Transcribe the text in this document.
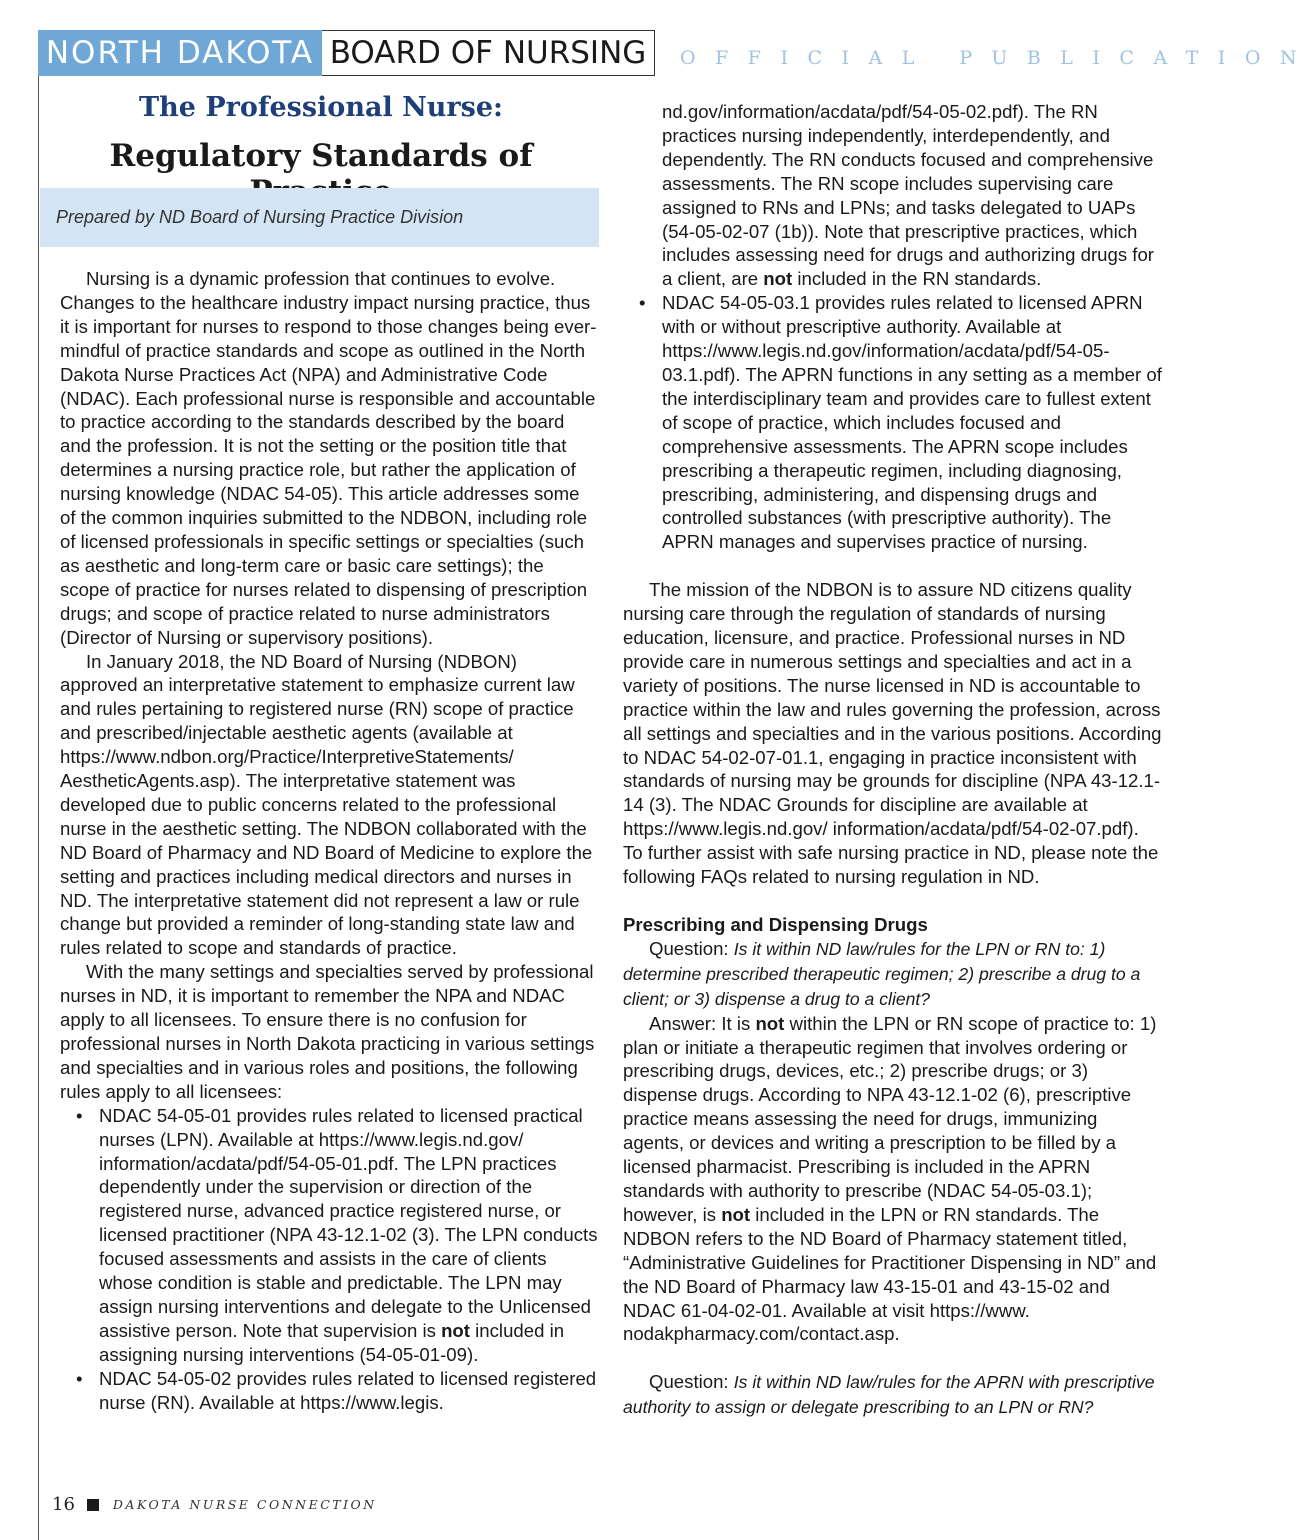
NORTH DAKOTA BOARD OF NURSING	OFFICIAL PUBLICATION
The Professional Nurse:
Regulatory Standards of
Prepared by ND Board of Nursing Practice Division

Nursing is a dynamic profession that continues to evolve. Changes to the healthcare industry impact nursing practice, thus it is important for nurses to respond to those changes being ever-mindful of practice standards and scope as outlined in the North Dakota Nurse Practices Act (NPA) and Administrative Code (NDAC). Each professional nurse is responsible and accountable to practice according to the standards described by the board and the profession. It is not the setting or the position title that determines a nursing practice role, but rather the application of nursing knowledge (NDAC 54-05). This article addresses some of the common inquiries submitted to the NDBON, including role of licensed professionals in specific settings or specialties (such as aesthetic and long-term care or basic care settings); the scope of practice for nurses related to dispensing of prescription drugs; and scope of practice related to nurse administrators (Director of Nursing or supervisory positions).

In January 2018, the ND Board of Nursing (NDBON) approved an interpretative statement to emphasize current law and rules pertaining to registered nurse (RN) scope of practice and prescribed/injectable aesthetic agents (available at https://www.ndbon.org/Practice/InterpretiveStatements/ AestheticAgents.asp). The interpretative statement was developed due to public concerns related to the professional nurse in the aesthetic setting. The NDBON collaborated with the ND Board of Pharmacy and ND Board of Medicine to explore the setting and practices including medical directors and nurses in ND. The interpretative statement did not represent a law or rule change but provided a reminder of long-standing state law and rules related to scope and standards of practice.

With the many settings and specialties served by professional nurses in ND, it is important to remember the NPA and NDAC apply to all licensees. To ensure there is no confusion for professional nurses in North Dakota practicing in various settings and specialties and in various roles and positions, the following rules apply to all licensees:

• NDAC 54-05-01 provides rules related to licensed practical nurses (LPN). Available at https://www.legis.nd.gov/ information/acdata/pdf/54-05-01.pdf. The LPN practices dependently under the supervision or direction of the registered nurse, advanced practice registered nurse, or licensed practitioner (NPA 43-12.1-02 (3). The LPN conducts focused assessments and assists in the care of clients whose condition is stable and predictable. The LPN may assign nursing interventions and delegate to the Unlicensed assistive person. Note that supervision is not included in assigning nursing interventions (54-05-01-09).
• NDAC 54-05-02 provides rules related to licensed registered nurse (RN). Available at https://www.legis.

nd.gov/information/acdata/pdf/54-05-02.pdf). The RN practices nursing independently, interdependently, and dependently. The RN conducts focused and comprehensive assessments. The RN scope includes supervising care assigned to RNs and LPNs; and tasks delegated to UAPs (54-05-02-07 (1b)). Note that prescriptive practices, which includes assessing need for drugs and authorizing drugs for a client, are not included in the RN standards.

• NDAC 54-05-03.1 provides rules related to licensed APRN with or without prescriptive authority. Available at https://www.legis.nd.gov/information/acdata/pdf/54-05-03.1.pdf). The APRN functions in any setting as a member of the interdisciplinary team and provides care to fullest extent of scope of practice, which includes focused and comprehensive assessments. The APRN scope includes prescribing a therapeutic regimen, including diagnosing, prescribing, administering, and dispensing drugs and controlled substances (with prescriptive authority). The APRN manages and supervises practice of nursing.

The mission of the NDBON is to assure ND citizens quality nursing care through the regulation of standards of nursing education, licensure, and practice. Professional nurses in ND provide care in numerous settings and specialties and act in a variety of positions. The nurse licensed in ND is accountable to practice within the law and rules governing the profession, across all settings and specialties and in the various positions. According to NDAC 54-02-07-01.1, engaging in practice inconsistent with standards of nursing may be grounds for discipline (NPA 43-12.1-14 (3). The NDAC Grounds for discipline are available at https://www.legis.nd.gov/ information/acdata/pdf/54-02-07.pdf). To further assist with safe nursing practice in ND, please note the following FAQs related to nursing regulation in ND.

Prescribing and Dispensing Drugs

Question: Is it within ND law/rules for the LPN or RN to: 1) determine prescribed therapeutic regimen; 2) prescribe a drug to a client; or 3) dispense a drug to a client?

Answer: It is not within the LPN or RN scope of practice to: 1) plan or initiate a therapeutic regimen that involves ordering or prescribing drugs, devices, etc.; 2) prescribe drugs; or 3) dispense drugs. According to NPA 43-12.1-02 (6), prescriptive practice means assessing the need for drugs, immunizing agents, or devices and writing a prescription to be filled by a licensed pharmacist. Prescribing is included in the APRN standards with authority to prescribe (NDAC 54-05-03.1); however, is not included in the LPN or RN standards. The NDBON refers to the ND Board of Pharmacy statement titled, “Administrative Guidelines for Practitioner Dispensing in ND” and the ND Board of Pharmacy law 43-15-01 and 43-15-02 and NDAC 61-04-02-01. Available at visit https://www. nodakpharmacy.com/contact.asp.

Question: Is it within ND law/rules for the APRN with prescriptive authority to assign or delegate prescribing to an LPN or RN?

16	DAKOTA NURSE CONNECTION
